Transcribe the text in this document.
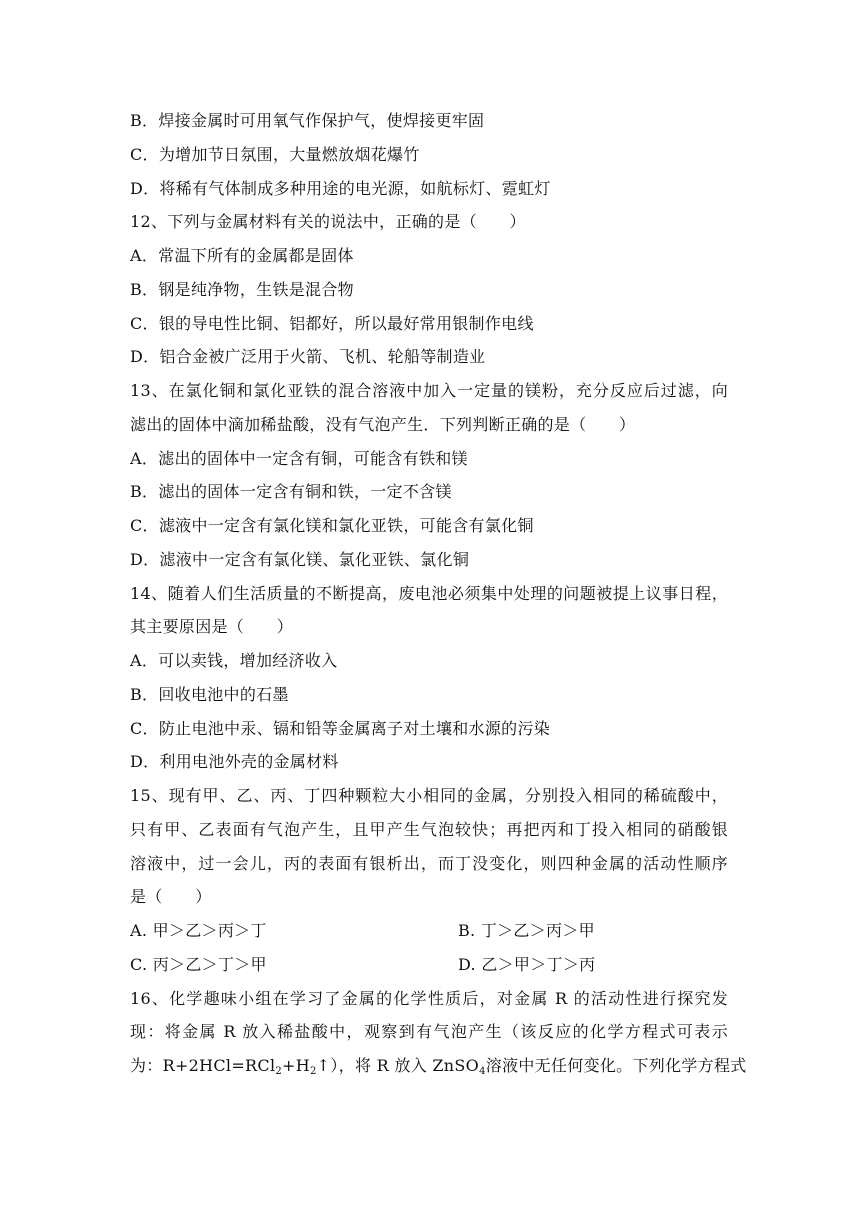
B．焊接金属时可用氧气作保护气，使焊接更牢固
C．为增加节日氛围，大量燃放烟花爆竹
D．将稀有气体制成多种用途的电光源，如航标灯、霓虹灯
12、下列与金属材料有关的说法中，正确的是（　　）
A．常温下所有的金属都是固体
B．钢是纯净物，生铁是混合物
C．银的导电性比铜、铝都好，所以最好常用银制作电线
D．铝合金被广泛用于火箭、飞机、轮船等制造业
13、在氯化铜和氯化亚铁的混合溶液中加入一定量的镁粉，充分反应后过滤，向
滤出的固体中滴加稀盐酸，没有气泡产生．下列判断正确的是（　　）
A．滤出的固体中一定含有铜，可能含有铁和镁
B．滤出的固体一定含有铜和铁，一定不含镁
C．滤液中一定含有氯化镁和氯化亚铁，可能含有氯化铜
D．滤液中一定含有氯化镁、氯化亚铁、氯化铜
14、随着人们生活质量的不断提高，废电池必须集中处理的问题被提上议事日程，
其主要原因是（　　）
A．可以卖钱，增加经济收入
B．回收电池中的石墨
C．防止电池中汞、镉和铅等金属离子对土壤和水源的污染
D．利用电池外壳的金属材料
15、现有甲、乙、丙、丁四种颗粒大小相同的金属，分别投入相同的稀硫酸中，
只有甲、乙表面有气泡产生，且甲产生气泡较快；再把丙和丁投入相同的硝酸银
溶液中，过一会儿，丙的表面有银析出，而丁没变化，则四种金属的活动性顺序
是（　　）
A. 甲＞乙＞丙＞丁	B. 丁＞乙＞丙＞甲
C. 丙＞乙＞丁＞甲	D. 乙＞甲＞丁＞丙
16、化学趣味小组在学习了金属的化学性质后，对金属 R 的活动性进行探究发
现：将金属 R 放入稀盐酸中，观察到有气泡产生（该反应的化学方程式可表示
为：$R+2HCl=RCl_2+H_2↑$），将 R 放入 ZnSO$_4$溶液中无任何变化。下列化学方程式
